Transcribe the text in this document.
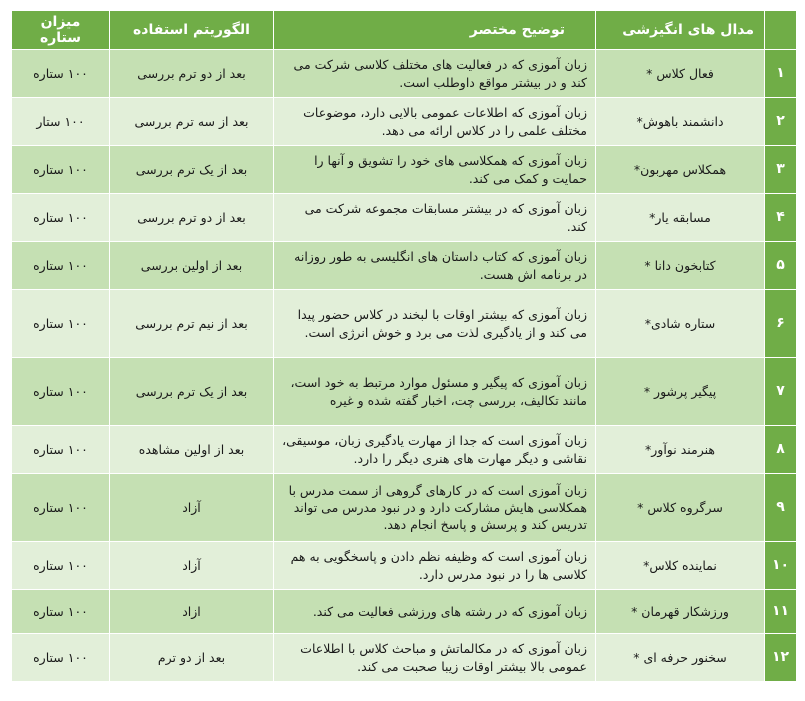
	مدال های انگیزشی	توضیح مختصر	الگوریتم استفاده	میزان ستاره
۱	فعال کلاس *	زبان آموزی که در فعالیت های مختلف کلاسی شرکت می کند و در بیشتر مواقع داوطلب است.	بعد از دو ترم بررسی	۱۰۰ ستاره
۲	دانشمند باهوش*	زبان آموزی که اطلاعات عمومی بالایی دارد، موضوعات مختلف علمی را در کلاس ارائه می دهد.	بعد از سه ترم بررسی	۱۰۰ ستار
۳	همکلاس مهربون*	زبان آموزی که همکلاسی های خود را تشویق و آنها را حمایت و کمک می کند.	بعد از یک ترم بررسی	۱۰۰ ستاره
۴	مسابقه یار*	زبان آموزی که در بیشتر مسابقات مجموعه شرکت می کند.	بعد از دو ترم بررسی	۱۰۰ ستاره
۵	کتابخون دانا *	زبان آموزی که کتاب داستان های انگلیسی به طور روزانه در برنامه اش هست.	بعد از اولین بررسی	۱۰۰ ستاره
۶	ستاره شادی*	زبان آموزی که بیشتر اوقات با لبخند در کلاس حضور پیدا می کند و از یادگیری لذت می برد و خوش انرژی است.	بعد از نیم ترم بررسی	۱۰۰ ستاره
۷	پیگیر پرشور *	زبان آموزی که پیگیر و مسئول موارد مرتبط به خود است، مانند تکالیف، بررسی چت، اخبار گفته شده و غیره	بعد از یک ترم بررسی	۱۰۰ ستاره
۸	هنرمند نوآور*	زبان آموزی است که جدا از مهارت یادگیری زبان، موسیقی، نقاشی و دیگر مهارت های هنری دیگر را دارد.	بعد از اولین مشاهده	۱۰۰ ستاره
۹	سرگروه کلاس *	زبان آموزی است که در کارهای گروهی از سمت مدرس با همکلاسی هایش مشارکت دارد و در نبود مدرس می تواند تدریس کند و پرسش و پاسخ انجام دهد.	آزاد	۱۰۰ ستاره
۱۰	نماینده کلاس*	زبان آموزی است که وظیفه نظم دادن و پاسخگویی به هم کلاسی ها را در نبود مدرس دارد.	آزاد	۱۰۰ ستاره
۱۱	ورزشکار قهرمان *	زبان آموزی که در رشته های ورزشی فعالیت می کند.	ازاد	۱۰۰ ستاره
۱۲	سخنور حرفه ای *	زبان آموزی که در مکالماتش و مباحث کلاس با اطلاعات عمومی بالا بیشتر اوقات زیبا صحبت می کند.	بعد از دو ترم	۱۰۰ ستاره
